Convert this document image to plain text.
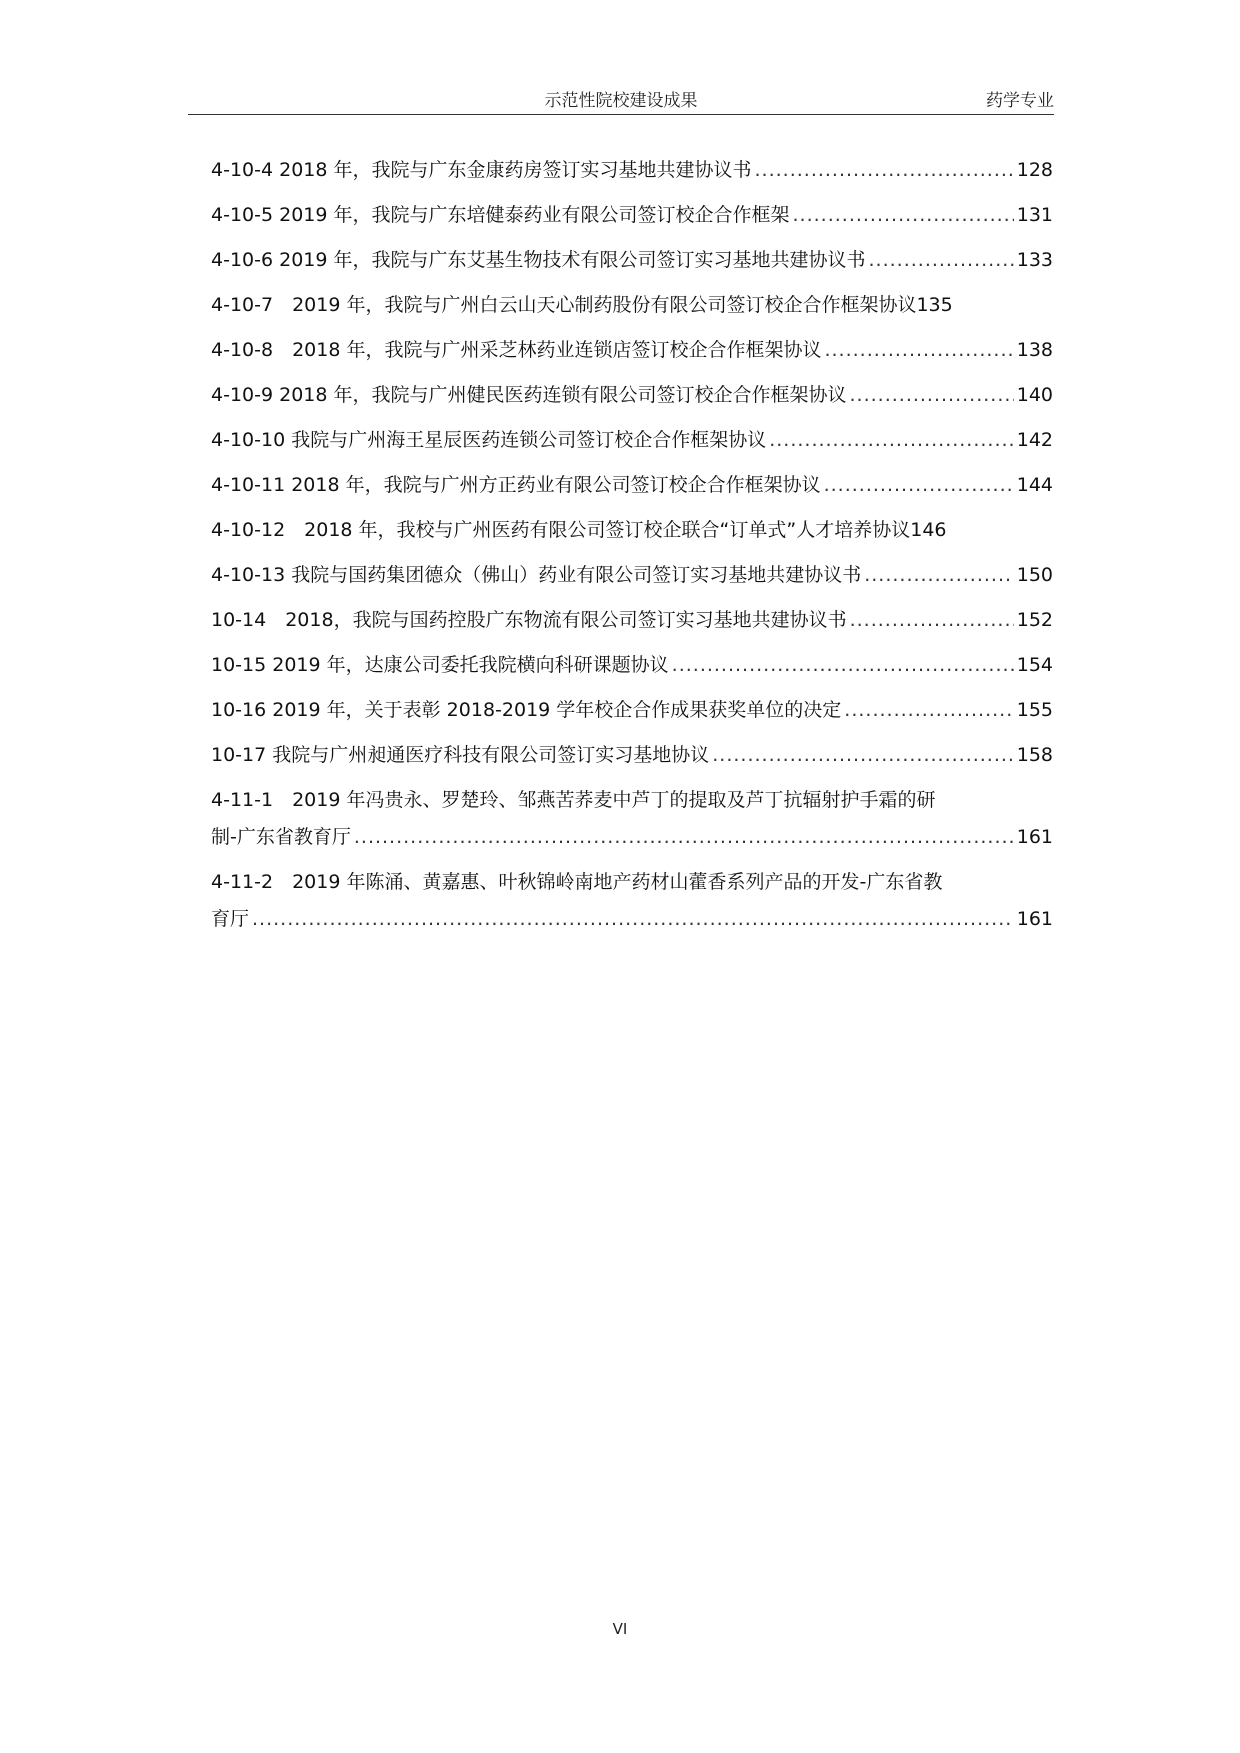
示范性院校建设成果	药学专业
4-10-4 2018 年，我院与广东金康药房签订实习基地共建协议书 .....	128
4-10-5 2019 年，我院与广东培健泰药业有限公司签订校企合作框架 .....	131
4-10-6 2019 年，我院与广东艾基生物技术有限公司签订实习基地共建协议书 .....	133
4-10-7　2019 年，我院与广州白云山天心制药股份有限公司签订校企合作框架协议 135
4-10-8　2018 年，我院与广州采芝林药业连锁店签订校企合作框架协议 .....	138
4-10-9 2018 年，我院与广州健民医药连锁有限公司签订校企合作框架协议 .....	140
4-10-10 我院与广州海王星辰医药连锁公司签订校企合作框架协议 .....	142
4-10-11 2018 年，我院与广州方正药业有限公司签订校企合作框架协议 .....	144
4-10-12　2018 年，我校与广州医药有限公司签订校企联合“订单式”人才培养协议 146
4-10-13 我院与国药集团德众（佛山）药业有限公司签订实习基地共建协议书 .....	150
10-14　2018，我院与国药控股广东物流有限公司签订实习基地共建协议书 .....	152
10-15 2019 年，达康公司委托我院横向科研课题协议 .....	154
10-16 2019 年，关于表彰 2018-2019 学年校企合作成果获奖单位的决定 .....	155
10-17 我院与广州昶通医疗科技有限公司签订实习基地协议 .....	158
4-11-1　2019 年冯贵永、罗楚玲、邹燕苦荞麦中芦丁的提取及芦丁抗辐射护手霜的研
制-广东省教育厅 .....	161
4-11-2　2019 年陈涌、黄嘉惠、叶秋锦岭南地产药材山藿香系列产品的开发-广东省教
育厅 .....	161
VI
